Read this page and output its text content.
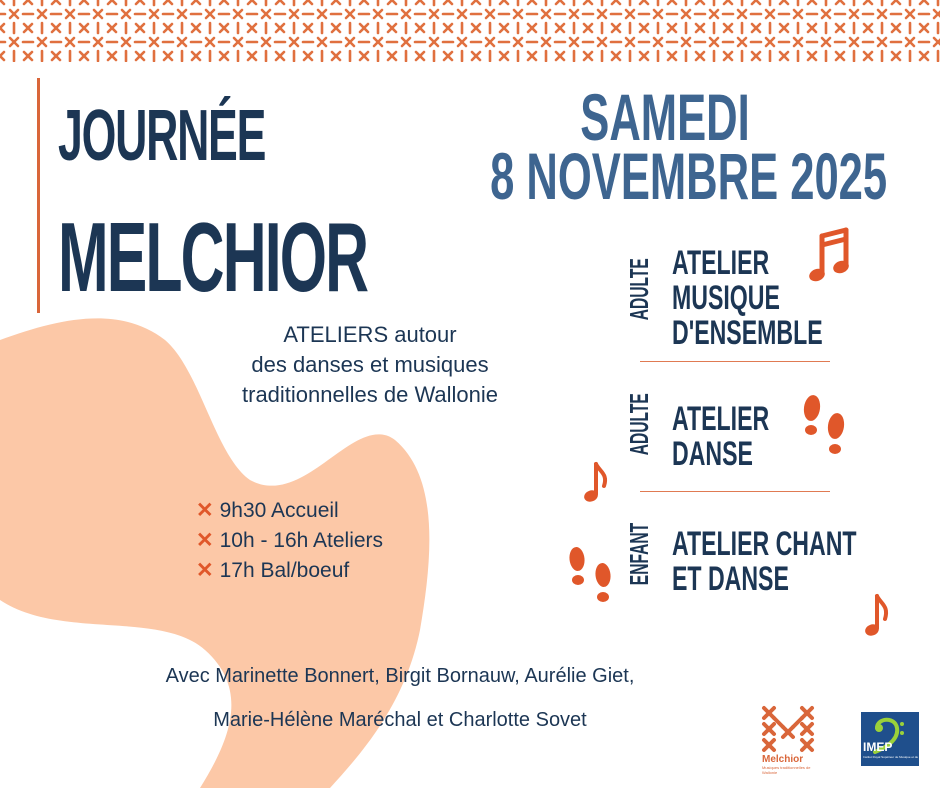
JOURNÉE
MELCHIOR
SAMEDI
8 NOVEMBRE 2025
ATELIERS autour
des danses et musiques
traditionnelles de Wallonie
✕ 9h30 Accueil
✕ 10h - 16h Ateliers
✕ 17h Bal/boeuf
ADULTE ATELIER
MUSIQUE
D'ENSEMBLE
ADULTE ATELIER
DANSE
ENFANT ATELIER CHANT
ET DANSE
Avec Marinette Bonnert, Birgit Bornauw, Aurélie Giet,
Marie-Hélène Maréchal et Charlotte Sovet
Melchior
Musiques traditionnelles de Wallonie
IMEP
Institut Royal Supérieur de Musique et de Pédagogie
